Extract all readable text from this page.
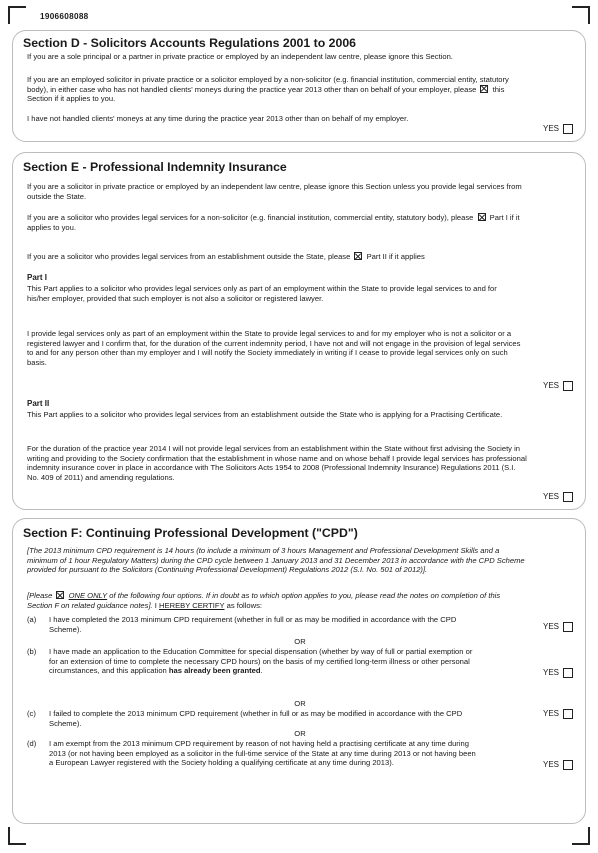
1906608088
Section D - Solicitors Accounts Regulations 2001 to 2006
If you are a sole principal or a partner in private practice or employed by an independent law centre, please ignore this Section.
If you are an employed solicitor in private practice or a solicitor employed by a non-solicitor (e.g. financial institution, commercial entity, statutory body), in either case who has not handled clients' moneys during the practice year 2013 other than on behalf of your employer, please this Section if it applies to you.
I have not handled clients' moneys at any time during the practice year 2013 other than on behalf of my employer.
YES
Section E - Professional Indemnity Insurance
If you are a solicitor in private practice or employed by an independent law centre, please ignore this Section unless you provide legal services from outside the State.
If you are a solicitor who provides legal services for a non-solicitor (e.g. financial institution, commercial entity, statutory body), please Part I if it applies to you.
If you are a solicitor who provides legal services from an establishment outside the State, please Part II if it applies
Part I
This Part applies to a solicitor who provides legal services only as part of an employment within the State to provide legal services to and for his/her employer, provided that such employer is not also a solicitor or registered lawyer.
I provide legal services only as part of an employment within the State to provide legal services to and for my employer who is not a solicitor or a registered lawyer and I confirm that, for the duration of the current indemnity period, I have not and will not engage in the provision of legal services to and for any person other than my employer and I will notify the Society immediately in writing if I cease to provide legal services only on such basis.
YES
Part II
This Part applies to a solicitor who provides legal services from an establishment outside the State who is applying for a Practising Certificate.
For the duration of the practice year 2014 I will not provide legal services from an establishment within the State without first advising the Society in writing and providing to the Society confirmation that the establishment in whose name and on whose behalf I provide legal services has professional indemnity insurance cover in place in accordance with The Solicitors Acts 1954 to 2008 (Professional Indemnity Insurance) Regulations 2011 (S.I. No. 409 of 2011) and amending regulations.
YES
Section F: Continuing Professional Development ("CPD")
[The 2013 minimum CPD requirement is 14 hours (to include a minimum of 3 hours Management and Professional Development Skills and a minimum of 1 hour Regulatory Matters) during the CPD cycle between 1 January 2013 and 31 December 2013 in accordance with the CPD Scheme provided for pursuant to the Solicitors (Continuing Professional Development) Regulations 2012 (S.I. No. 501 of 2012)].
[Please ONE ONLY of the following four options. If in doubt as to which option applies to you, please read the notes on completion of this Section F on related guidance notes]. I HEREBY CERTIFY as follows:
(a) I have completed the 2013 minimum CPD requirement (whether in full or as may be modified in accordance with the CPD Scheme).	YES
OR
(b) I have made an application to the Education Committee for special dispensation (whether by way of full or partial exemption or for an extension of time to complete the necessary CPD hours) on the basis of my certified long-term illness or other personal circumstances, and this application has already been granted.	YES
OR
(c) I failed to complete the 2013 minimum CPD requirement (whether in full or as may be modified in accordance with the CPD Scheme).
YES
OR
(d) I am exempt from the 2013 minimum CPD requirement by reason of not having held a practising certificate at any time during 2013 (or not having been employed as a solicitor in the full-time service of the State at any time during 2013 or not having been a European Lawyer registered with the Society holding a qualifying certificate at any time during 2013).	YES
